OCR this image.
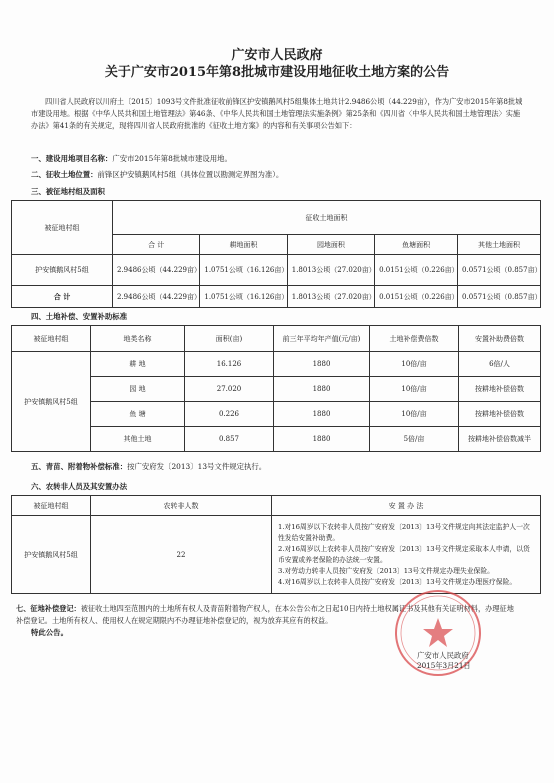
广安市人民政府
关于广安市2015年第8批城市建设用地征收土地方案的公告
四川省人民政府以川府土〔2015〕1093号文件批准征收前锋区护安镇鹅风村5组集体土地共计2.9486公顷（44.229亩），作为广安市2015年第8批城市建设用地。根据《中华人民共和国土地管理法》第46条、《中华人民共和国土地管理法实施条例》第25条和《四川省〈中华人民共和国土地管理法〉实施办法》第41条的有关规定，现将四川省人民政府批准的《征收土地方案》的内容和有关事项公告如下：
一、建设用地项目名称：广安市2015年第8批城市建设用地。
二、征收土地位置：前锋区护安镇鹅风村5组（具体位置以勘测定界图为准）。
三、被征地村组及面积
被征地村组	征收土地面积				
	合 计	耕地面积	园地面积	鱼塘面积	其他土地面积
护安镇鹅风村5组	2.9486公顷（44.229亩）	1.0751公顷（16.126亩）	1.8013公顷（27.020亩）	0.0151公顷（0.226亩）	0.0571公顷（0.857亩）
合 计	2.9486公顷（44.229亩）	1.0751公顷（16.126亩）	1.8013公顷（27.020亩）	0.0151公顷（0.226亩）	0.0571公顷（0.857亩）
四、土地补偿、安置补助标准
被征地村组	地类名称	面积(亩)	前三年平均年产值(元/亩)	土地补偿费倍数	安置补助费倍数
护安镇鹅风村5组	耕 地	16.126	1880	10倍/亩	6倍/人
	园 地	27.020	1880	10倍/亩	按耕地补偿倍数
	鱼 塘	0.226	1880	10倍/亩	按耕地补偿倍数
	其他土地	0.857	1880	5倍/亩	按耕地补偿倍数减半
五、青苗、附着物补偿标准：按广安府发〔2013〕13号文件规定执行。
六、农转非人员及其安置办法
被征地村组	农转非人数	安 置 办 法
护安镇鹅风村5组	22	1.对16周岁以下农转非人员按广安府发〔2013〕13号文件规定向其法定监护人一次性发给安置补助费。
2.对16周岁以上农转非人员按广安府发〔2013〕13号文件规定采取本人申请，以货币安置或养老保险的办法统一安置。
3.对劳动力转非人员按广安府发〔2013〕13号文件规定办理失业保险。
4.对16周岁以上农转非人员按广安府发〔2013〕13号文件规定办理医疗保险。
七、征地补偿登记：被征收土地四至范围内的土地所有权人及青苗附着物产权人，在本公告公布之日起10日内持土地权属证书及其他有关证明材料，办理征地补偿登记。土地所有权人、使用权人在规定期限内不办理征地补偿登记的，视为放弃其应有的权益。
特此公告。
广安市人民政府
2015年3月21日
